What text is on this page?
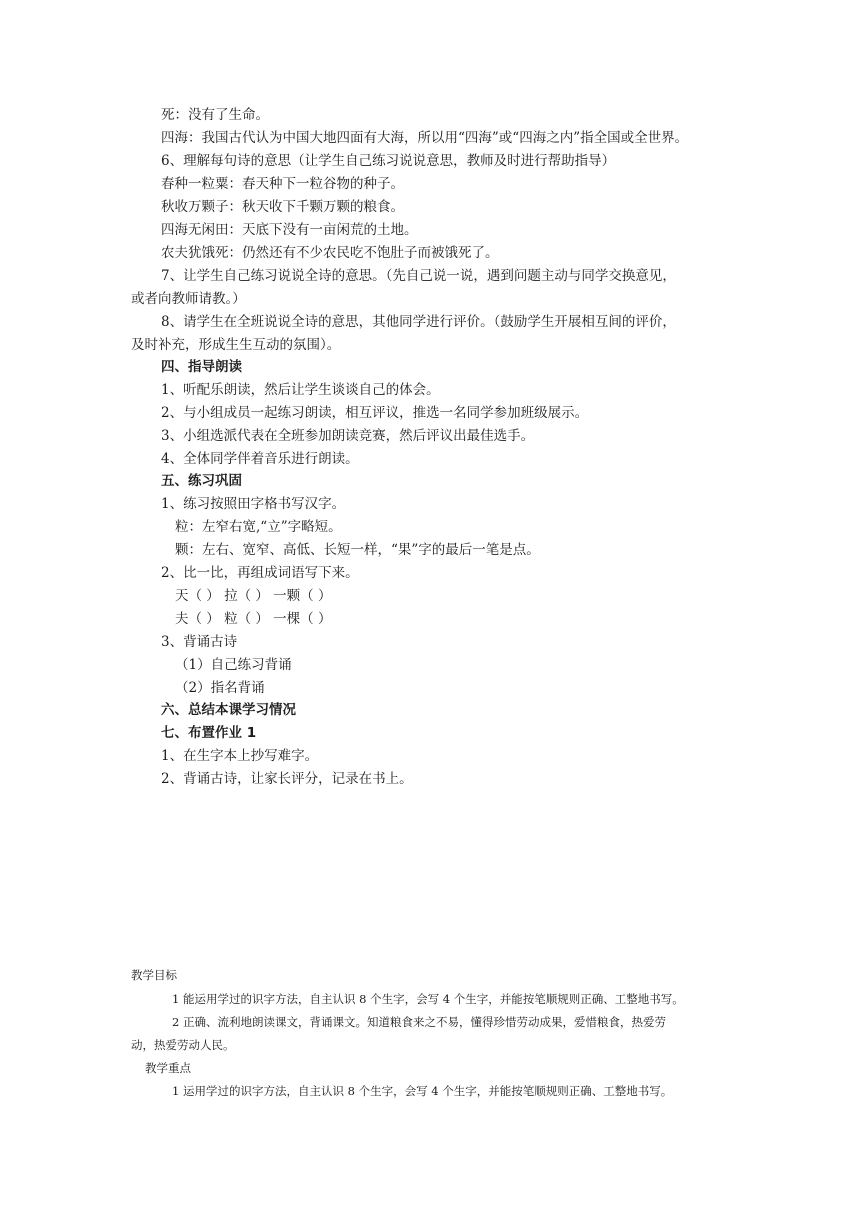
死：没有了生命。
四海：我国古代认为中国大地四面有大海，所以用“四海”或“四海之内”指全国或全世界。
6、理解每句诗的意思（让学生自己练习说说意思，教师及时进行帮助指导）
春种一粒粟：春天种下一粒谷物的种子。
秋收万颗子：秋天收下千颗万颗的粮食。
四海无闲田：天底下没有一亩闲荒的土地。
农夫犹饿死：仍然还有不少农民吃不饱肚子而被饿死了。
7、让学生自己练习说说全诗的意思。（先自己说一说，遇到问题主动与同学交换意见，
或者向教师请教。）
8、请学生在全班说说全诗的意思，其他同学进行评价。（鼓励学生开展相互间的评价，
及时补充，形成生生互动的氛围）。
四、指导朗读
1、听配乐朗读，然后让学生谈谈自己的体会。
2、与小组成员一起练习朗读，相互评议，推选一名同学参加班级展示。
3、小组选派代表在全班参加朗读竞赛，然后评议出最佳选手。
4、全体同学伴着音乐进行朗读。
五、练习巩固
1、练习按照田字格书写汉字。
粒：左窄右宽,“立”字略短。
颗：左右、宽窄、高低、长短一样，“果”字的最后一笔是点。
2、比一比，再组成词语写下来。
天（ ） 拉（ ） 一颗（ ）
夫（ ） 粒（ ） 一棵（ ）
3、背诵古诗
（1）自己练习背诵
（2）指名背诵
六、总结本课学习情况
七、布置作业 1
1、在生字本上抄写难字。
2、背诵古诗，让家长评分，记录在书上。
教学目标
1 能运用学过的识字方法，自主认识 8 个生字，会写 4 个生字，并能按笔顺规则正确、工整地书写。
2 正确、流利地朗读课文，背诵课文。知道粮食来之不易，懂得珍惜劳动成果，爱惜粮食，热爱劳
动，热爱劳动人民。
教学重点
1 运用学过的识字方法，自主认识 8 个生字，会写 4 个生字，并能按笔顺规则正确、工整地书写。
